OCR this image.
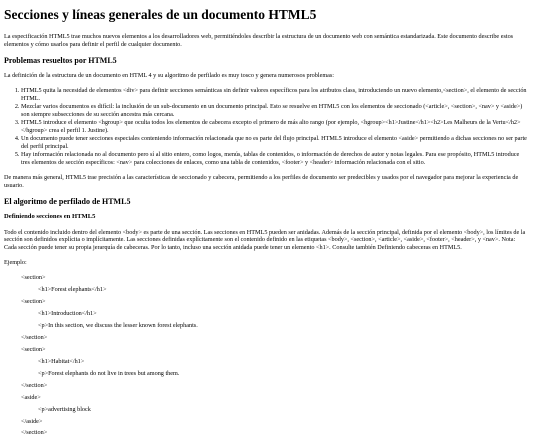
Secciones y líneas generales de un documento HTML5

La especificación HTML5 trae muchos nuevos elementos a los desarrolladores web, permitiéndoles describir la estructura de un documento web con semántica estandarizada. Este documento describe estos elementos y cómo usarlos para definir el perfil de cualquier documento.

Problemas resueltos por HTML5

La definición de la estructura de un documento en HTML 4 y su algoritmo de perfilado es muy tosco y genera numerosos problemas:

1. HTML5 quita la necesidad de elementos <div> para definir secciones semánticas sin definir valores específicos para los atributos class, introduciendo un nuevo elemento,<section>, el elemento de sección HTML.
2. Mezclar varios documentos es difícil: la inclusión de un sub-documento en un documento principal. Esto se resuelve en HTML5 con los elementos de seccionado (<article>, <section>, <nav> y <aside>) son siempre subsecciones de su sección ancestra más cercana.
3. HTML5 introduce el elemento <hgroup> que oculta todos los elementos de cabecera excepto el primero de más alto rango (por ejemplo, <hgroup><h1>Justine</h1><h2>Les Malheurs de la Vertu</h2></hgroup> crea el perfil 1. Justine).
4. Un documento puede tener secciones especiales conteniendo información relacionada que no es parte del flujo principal. HTML5 introduce el elemento <aside> permitiendo a dichas secciones no ser parte del perfil principal.
5. Hay información relacionada no al documento pero sí al sitio entero, como logos, menús, tablas de contenidos, o información de derechos de autor y notas legales. Para ese propósito, HTML5 introduce tres elementos de sección específicos: <nav> para colecciones de enlaces, como una tabla de contenidos, <footer> y <header> información relacionada con el sitio.

De manera más general, HTML5 trae precisión a las características de seccionado y cabecera, permitiendo a los perfiles de documento ser predecibles y usados por el navegador para mejorar la experiencia de usuario.

El algoritmo de perfilado de HTML5
Definiendo secciones en HTML5

Todo el contenido incluido dentro del elemento <body> es parte de una sección. Las secciones en HTML5 pueden ser anidadas. Además de la sección principal, definida por el elemento <body>, los límites de la sección son definidos explícita o implícitamente. Las secciones definidas explícitamente son el contenido definido en las etiquetas <body>, <section>, <article>, <aside>, <footer>, <header>, y <nav>. Nota: Cada sección puede tener su propia jerarquía de cabeceras. Por lo tanto, incluso una sección anidada puede tener un elemento <h1>. Consulte también Definiendo cabeceras en HTML5.

Ejemplo:

<section>
<h1>Forest elephants</h1>
<section>
<h1>Introduction</h1>
<p>In this section, we discuss the lesser known forest elephants.
</section>
<section>
<h1>Habitat</h1>
<p>Forest elephants do not live in trees but among them.
</section>
<aside>
<p>advertising block
</aside>
</section>
